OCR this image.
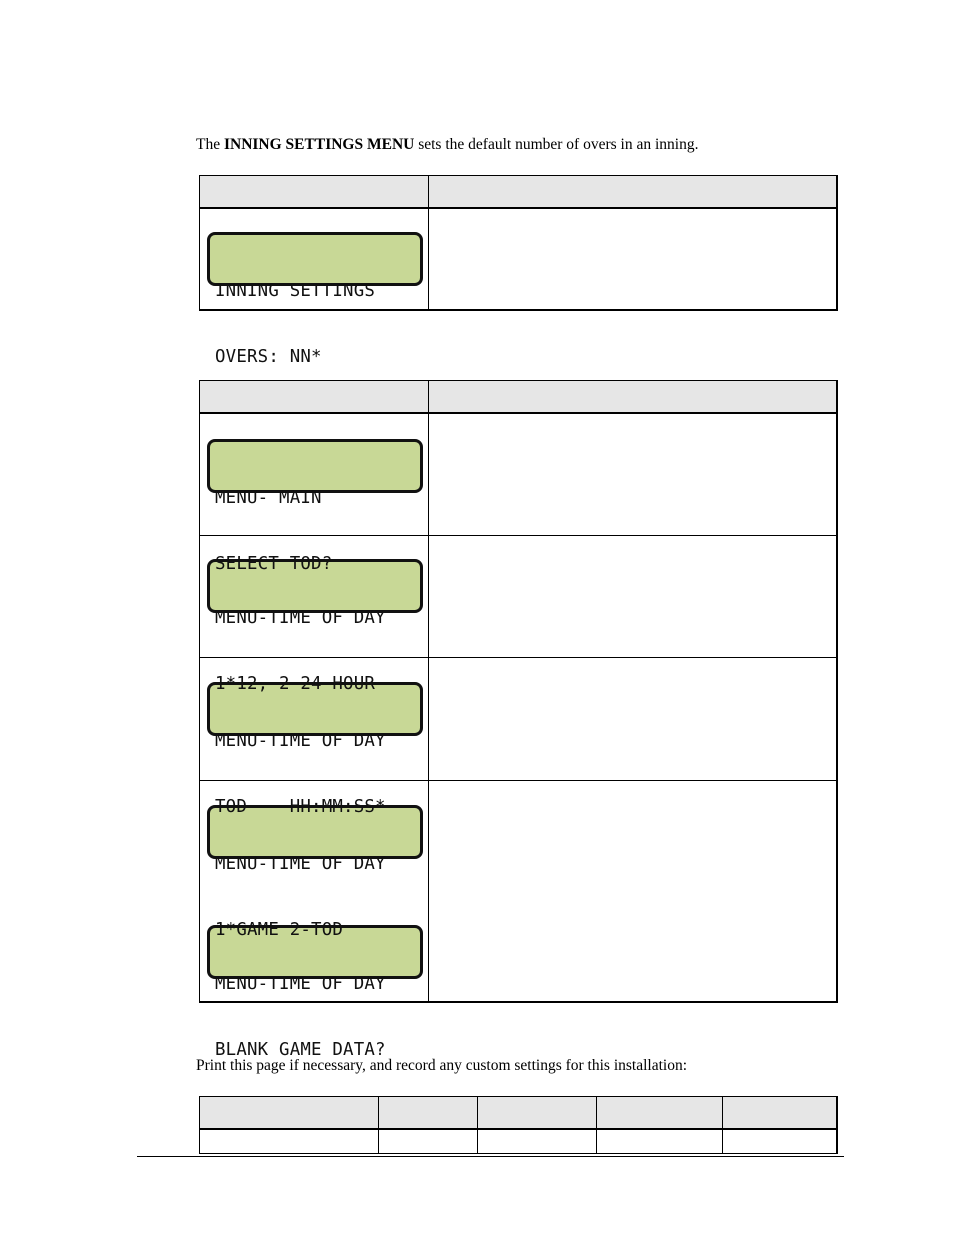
The INNING SETTINGS MENU sets the default number of overs in an inning.

INNING SETTINGS

OVERS: NN*	

MENU- MAIN

SELECT TOD?	

MENU-TIME OF DAY

1*12, 2-24 HOUR	

MENU-TIME OF DAY

TOD    HH:MM:SS*	

MENU-TIME OF DAY

1*GAME 2-TOD

MENU-TIME OF DAY

BLANK GAME DATA?	

Print this page if necessary, and record any custom settings for this installation:
